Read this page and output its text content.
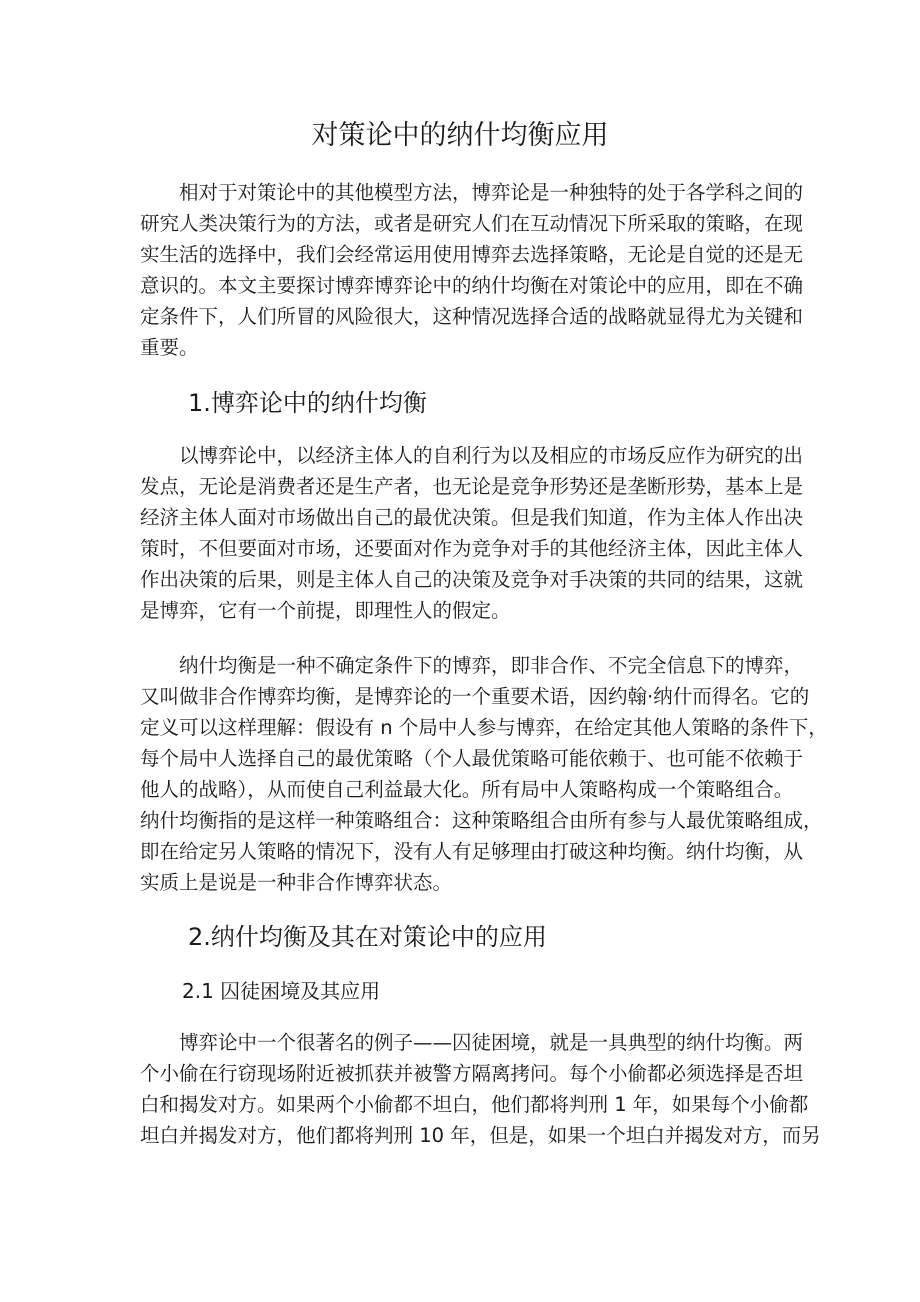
对策论中的纳什均衡应用
相对于对策论中的其他模型方法，博弈论是一种独特的处于各学科之间的
研究人类决策行为的方法，或者是研究人们在互动情况下所采取的策略，在现
实生活的选择中，我们会经常运用使用博弈去选择策略，无论是自觉的还是无
意识的。本文主要探讨博弈博弈论中的纳什均衡在对策论中的应用，即在不确
定条件下，人们所冒的风险很大，这种情况选择合适的战略就显得尤为关键和
重要。
1.博弈论中的纳什均衡
以博弈论中，以经济主体人的自利行为以及相应的市场反应作为研究的出
发点，无论是消费者还是生产者，也无论是竞争形势还是垄断形势，基本上是
经济主体人面对市场做出自己的最优决策。但是我们知道，作为主体人作出决
策时，不但要面对市场，还要面对作为竞争对手的其他经济主体，因此主体人
作出决策的后果，则是主体人自己的决策及竞争对手决策的共同的结果，这就
是博弈，它有一个前提，即理性人的假定。
纳什均衡是一种不确定条件下的博弈，即非合作、不完全信息下的博弈，
又叫做非合作博弈均衡，是博弈论的一个重要术语，因约翰·纳什而得名。它的
定义可以这样理解：假设有 n 个局中人参与博弈，在给定其他人策略的条件下，
每个局中人选择自己的最优策略（个人最优策略可能依赖于、也可能不依赖于
他人的战略），从而使自己利益最大化。所有局中人策略构成一个策略组合。
纳什均衡指的是这样一种策略组合：这种策略组合由所有参与人最优策略组成，
即在给定另人策略的情况下，没有人有足够理由打破这种均衡。纳什均衡，从
实质上是说是一种非合作博弈状态。
2.纳什均衡及其在对策论中的应用
2.1 囚徒困境及其应用
博弈论中一个很著名的例子——囚徒困境，就是一具典型的纳什均衡。两
个小偷在行窃现场附近被抓获并被警方隔离拷问。每个小偷都必须选择是否坦
白和揭发对方。如果两个小偷都不坦白，他们都将判刑 1 年，如果每个小偷都
坦白并揭发对方，他们都将判刑 10 年，但是，如果一个坦白并揭发对方，而另
